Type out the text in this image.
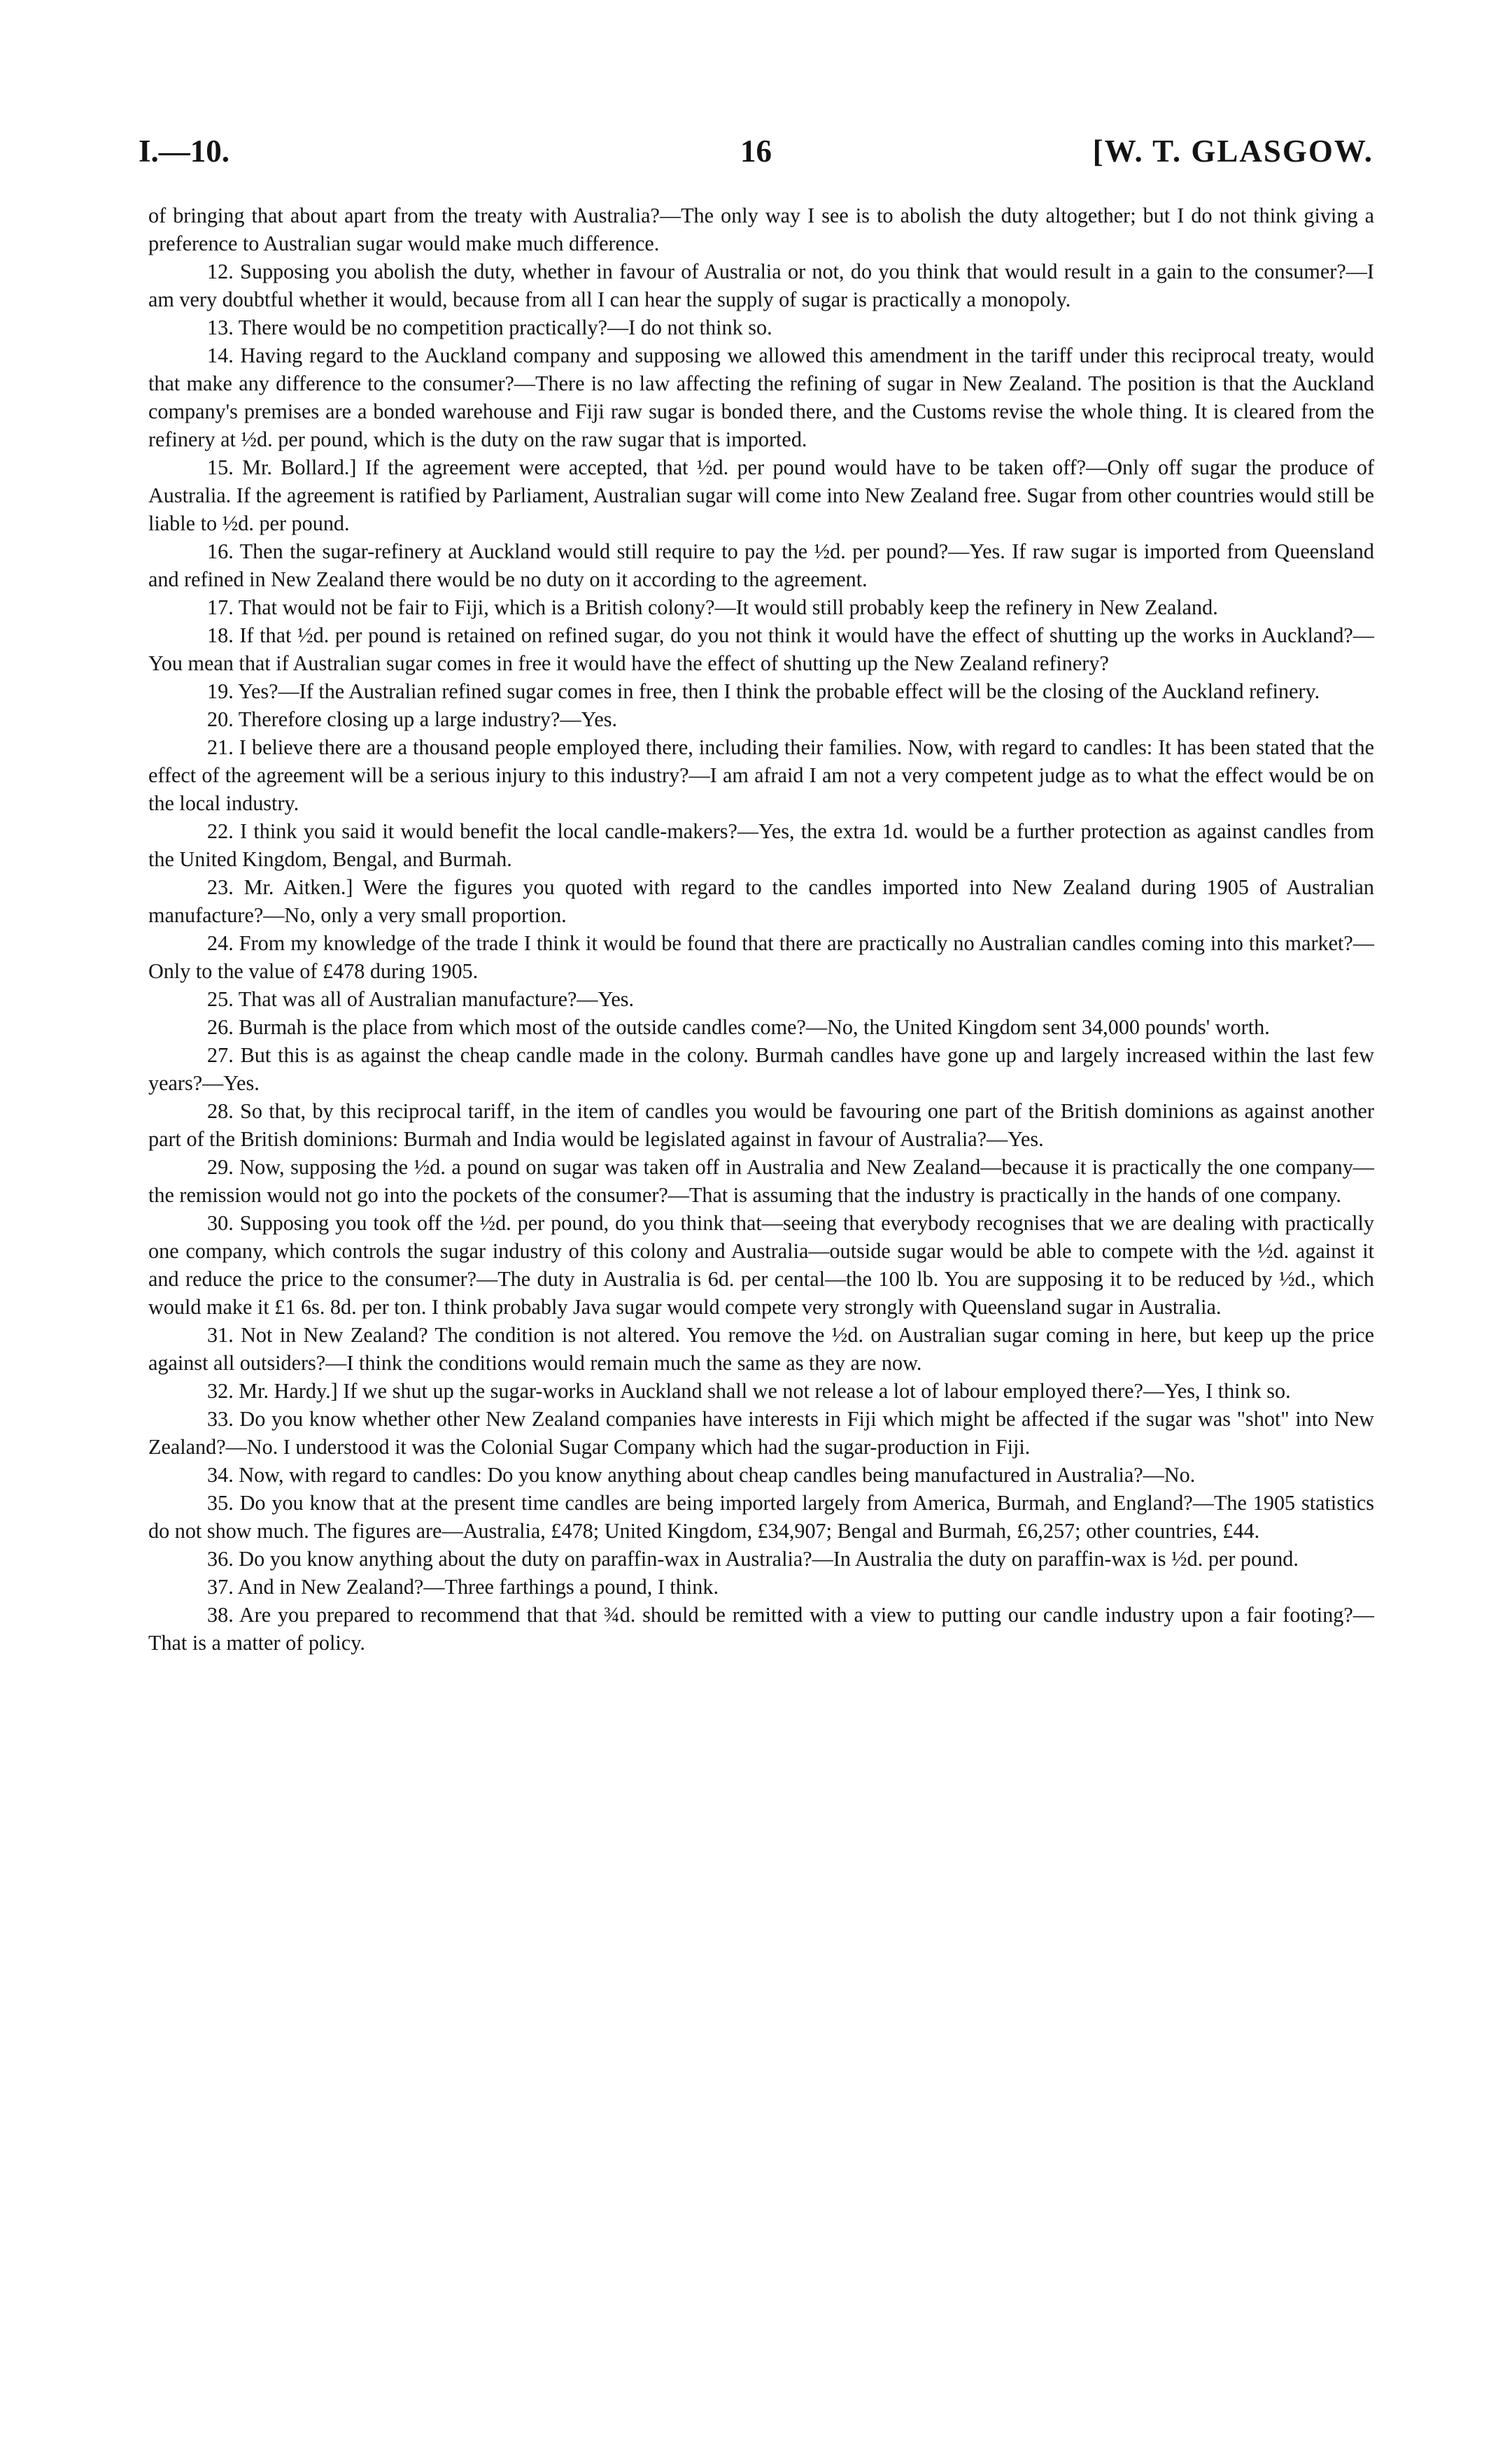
I.—10.	16	[W. T. GLASGOW.

of bringing that about apart from the treaty with Australia?—The only way I see is to abolish the duty altogether; but I do not think giving a preference to Australian sugar would make much difference.

12. Supposing you abolish the duty, whether in favour of Australia or not, do you think that would result in a gain to the consumer?—I am very doubtful whether it would, because from all I can hear the supply of sugar is practically a monopoly.

13. There would be no competition practically?—I do not think so.

14. Having regard to the Auckland company and supposing we allowed this amendment in the tariff under this reciprocal treaty, would that make any difference to the consumer?—There is no law affecting the refining of sugar in New Zealand. The position is that the Auckland company's premises are a bonded warehouse and Fiji raw sugar is bonded there, and the Customs revise the whole thing. It is cleared from the refinery at ½d. per pound, which is the duty on the raw sugar that is imported.

15. Mr. Bollard.] If the agreement were accepted, that ½d. per pound would have to be taken off?—Only off sugar the produce of Australia. If the agreement is ratified by Parliament, Australian sugar will come into New Zealand free. Sugar from other countries would still be liable to ½d. per pound.

16. Then the sugar-refinery at Auckland would still require to pay the ½d. per pound?—Yes. If raw sugar is imported from Queensland and refined in New Zealand there would be no duty on it according to the agreement.

17. That would not be fair to Fiji, which is a British colony?—It would still probably keep the refinery in New Zealand.

18. If that ½d. per pound is retained on refined sugar, do you not think it would have the effect of shutting up the works in Auckland?—You mean that if Australian sugar comes in free it would have the effect of shutting up the New Zealand refinery?

19. Yes?—If the Australian refined sugar comes in free, then I think the probable effect will be the closing of the Auckland refinery.

20. Therefore closing up a large industry?—Yes.

21. I believe there are a thousand people employed there, including their families. Now, with regard to candles: It has been stated that the effect of the agreement will be a serious injury to this industry?—I am afraid I am not a very competent judge as to what the effect would be on the local industry.

22. I think you said it would benefit the local candle-makers?—Yes, the extra 1d. would be a further protection as against candles from the United Kingdom, Bengal, and Burmah.

23. Mr. Aitken.] Were the figures you quoted with regard to the candles imported into New Zealand during 1905 of Australian manufacture?—No, only a very small proportion.

24. From my knowledge of the trade I think it would be found that there are practically no Australian candles coming into this market?—Only to the value of £478 during 1905.

25. That was all of Australian manufacture?—Yes.

26. Burmah is the place from which most of the outside candles come?—No, the United Kingdom sent 34,000 pounds' worth.

27. But this is as against the cheap candle made in the colony. Burmah candles have gone up and largely increased within the last few years?—Yes.

28. So that, by this reciprocal tariff, in the item of candles you would be favouring one part of the British dominions as against another part of the British dominions: Burmah and India would be legislated against in favour of Australia?—Yes.

29. Now, supposing the ½d. a pound on sugar was taken off in Australia and New Zealand—because it is practically the one company—the remission would not go into the pockets of the consumer?—That is assuming that the industry is practically in the hands of one company.

30. Supposing you took off the ½d. per pound, do you think that—seeing that everybody recognises that we are dealing with practically one company, which controls the sugar industry of this colony and Australia—outside sugar would be able to compete with the ½d. against it and reduce the price to the consumer?—The duty in Australia is 6d. per cental—the 100 lb. You are supposing it to be reduced by ½d., which would make it £1 6s. 8d. per ton. I think probably Java sugar would compete very strongly with Queensland sugar in Australia.

31. Not in New Zealand? The condition is not altered. You remove the ½d. on Australian sugar coming in here, but keep up the price against all outsiders?—I think the conditions would remain much the same as they are now.

32. Mr. Hardy.] If we shut up the sugar-works in Auckland shall we not release a lot of labour employed there?—Yes, I think so.

33. Do you know whether other New Zealand companies have interests in Fiji which might be affected if the sugar was "shot" into New Zealand?—No. I understood it was the Colonial Sugar Company which had the sugar-production in Fiji.

34. Now, with regard to candles: Do you know anything about cheap candles being manufactured in Australia?—No.

35. Do you know that at the present time candles are being imported largely from America, Burmah, and England?—The 1905 statistics do not show much. The figures are—Australia, £478; United Kingdom, £34,907; Bengal and Burmah, £6,257; other countries, £44.

36. Do you know anything about the duty on paraffin-wax in Australia?—In Australia the duty on paraffin-wax is ½d. per pound.

37. And in New Zealand?—Three farthings a pound, I think.

38. Are you prepared to recommend that that ¾d. should be remitted with a view to putting our candle industry upon a fair footing?—That is a matter of policy.
